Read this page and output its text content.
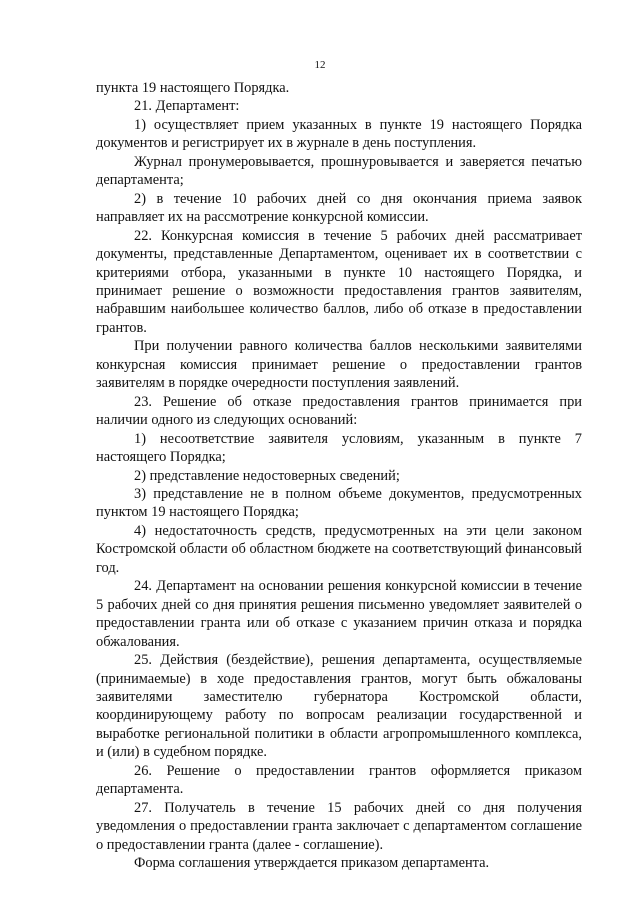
12

пункта 19 настоящего Порядка.

21. Департамент:

1) осуществляет прием указанных в пункте 19 настоящего Порядка документов и регистрирует их в журнале в день поступления.

Журнал пронумеровывается, прошнуровывается и заверяется печатью департамента;

2) в течение 10 рабочих дней со дня окончания приема заявок направляет их на рассмотрение конкурсной комиссии.

22. Конкурсная комиссия в течение 5 рабочих дней рассматривает документы, представленные Департаментом, оценивает их в соответствии с критериями отбора, указанными в пункте 10 настоящего Порядка, и принимает решение о возможности предоставления грантов заявителям, набравшим наибольшее количество баллов, либо об отказе в предоставлении грантов.

При получении равного количества баллов несколькими заявителями конкурсная комиссия принимает решение о предоставлении грантов заявителям в порядке очередности поступления заявлений.

23. Решение об отказе предоставления грантов принимается при наличии одного из следующих оснований:

1) несоответствие заявителя условиям, указанным в пункте 7 настоящего Порядка;

2) представление недостоверных сведений;

3) представление не в полном объеме документов, предусмотренных пунктом 19 настоящего Порядка;

4) недостаточность средств, предусмотренных на эти цели законом Костромской области об областном бюджете на соответствующий финансовый год.

24. Департамент на основании решения конкурсной комиссии в течение 5 рабочих дней со дня принятия решения письменно уведомляет заявителей о предоставлении гранта или об отказе с указанием причин отказа и порядка обжалования.

25. Действия (бездействие), решения департамента, осуществляемые (принимаемые) в ходе предоставления грантов, могут быть обжалованы заявителями заместителю губернатора Костромской области, координирующему работу по вопросам реализации государственной и выработке региональной политики в области агропромышленного комплекса, и (или) в судебном порядке.

26. Решение о предоставлении грантов оформляется приказом департамента.

27. Получатель в течение 15 рабочих дней со дня получения уведомления о предоставлении гранта заключает с департаментом соглашение о предоставлении гранта (далее - соглашение).

Форма соглашения утверждается приказом департамента.
